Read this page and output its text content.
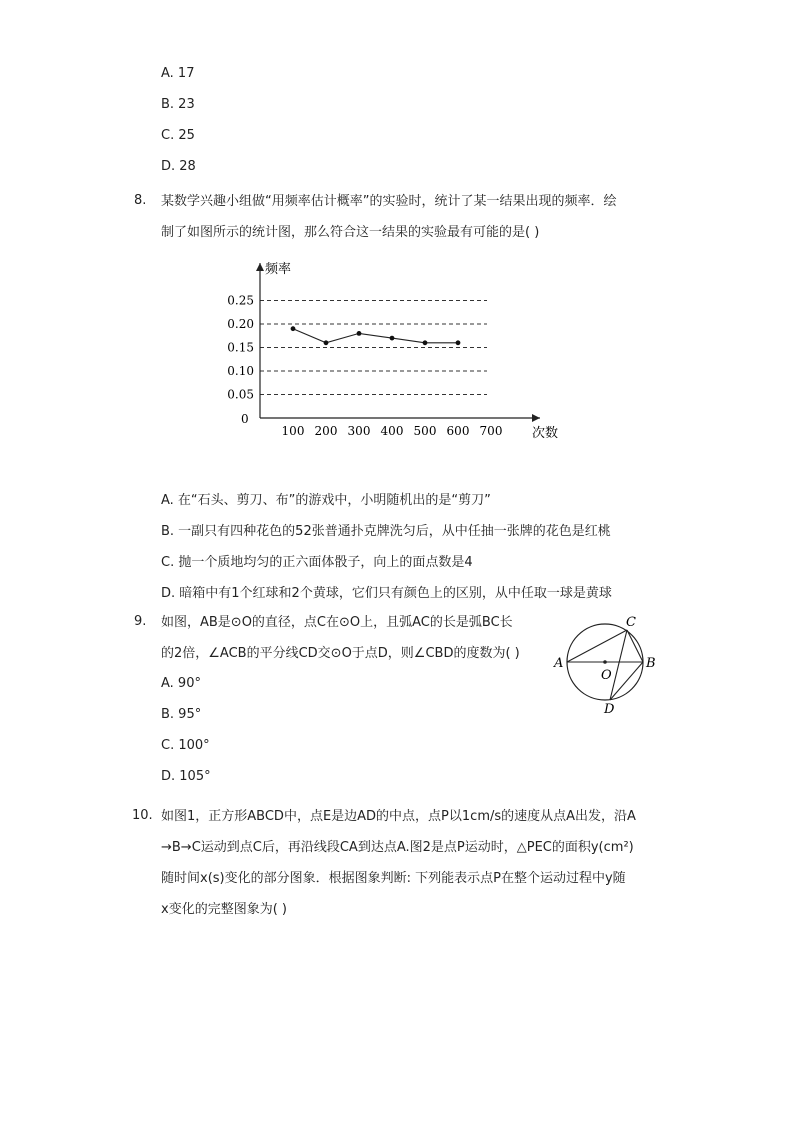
A. 17
B. 23
C. 25
D. 28
8. 某数学兴趣小组做“用频率估计概率”的实验时，统计了某一结果出现的频率．绘
制了如图所示的统计图，那么符合这一结果的实验最有可能的是( )
0.05
0.10
0.15
0.20
0.25
100 200 300 400 500 600 700
频率
次数
0
A. 在“石头、剪刀、布”的游戏中，小明随机出的是“剪刀”
B. 一副只有四种花色的52张普通扑克牌洗匀后，从中任抽一张牌的花色是红桃
C. 抛一个质地均匀的正六面体骰子，向上的面点数是4
D. 暗箱中有1个红球和2个黄球，它们只有颜色上的区别，从中任取一球是黄球
9. 如图，AB是⊙O的直径，点C在⊙O上，且弧AC的长是弧BC长
的2倍，∠ACB的平分线CD交⊙O于点D，则∠CBD的度数为( )
A	B
C
D
O
A. 90°
B. 95°
C. 100°
D. 105°
10. 如图1，正方形ABCD中，点E是边AD的中点，点P以1cm/s的速度从点A出发，沿A
→B→C运动到点C后，再沿线段CA到达点A.图2是点P运动时，△PEC的面积y(cm²)
随时间x(s)变化的部分图象．根据图象判断: 下列能表示点P在整个运动过程中y随
x变化的完整图象为( )
